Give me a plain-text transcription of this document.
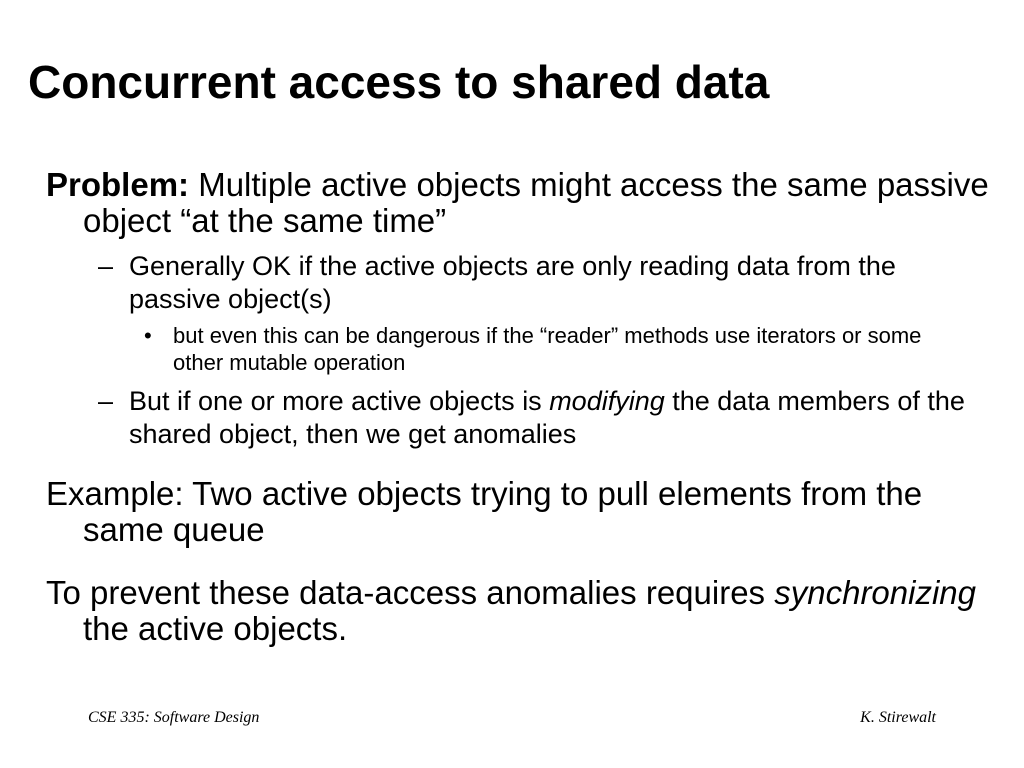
Concurrent access to shared data
Problem: Multiple active objects might access the same passive object “at the same time”
– Generally OK if the active objects are only reading data from the passive object(s)
• but even this can be dangerous if the “reader” methods use iterators or some other mutable operation
– But if one or more active objects is modifying the data members of the shared object, then we get anomalies
Example: Two active objects trying to pull elements from the same queue
To prevent these data-access anomalies requires synchronizing the active objects.
CSE 335: Software Design	K. Stirewalt
